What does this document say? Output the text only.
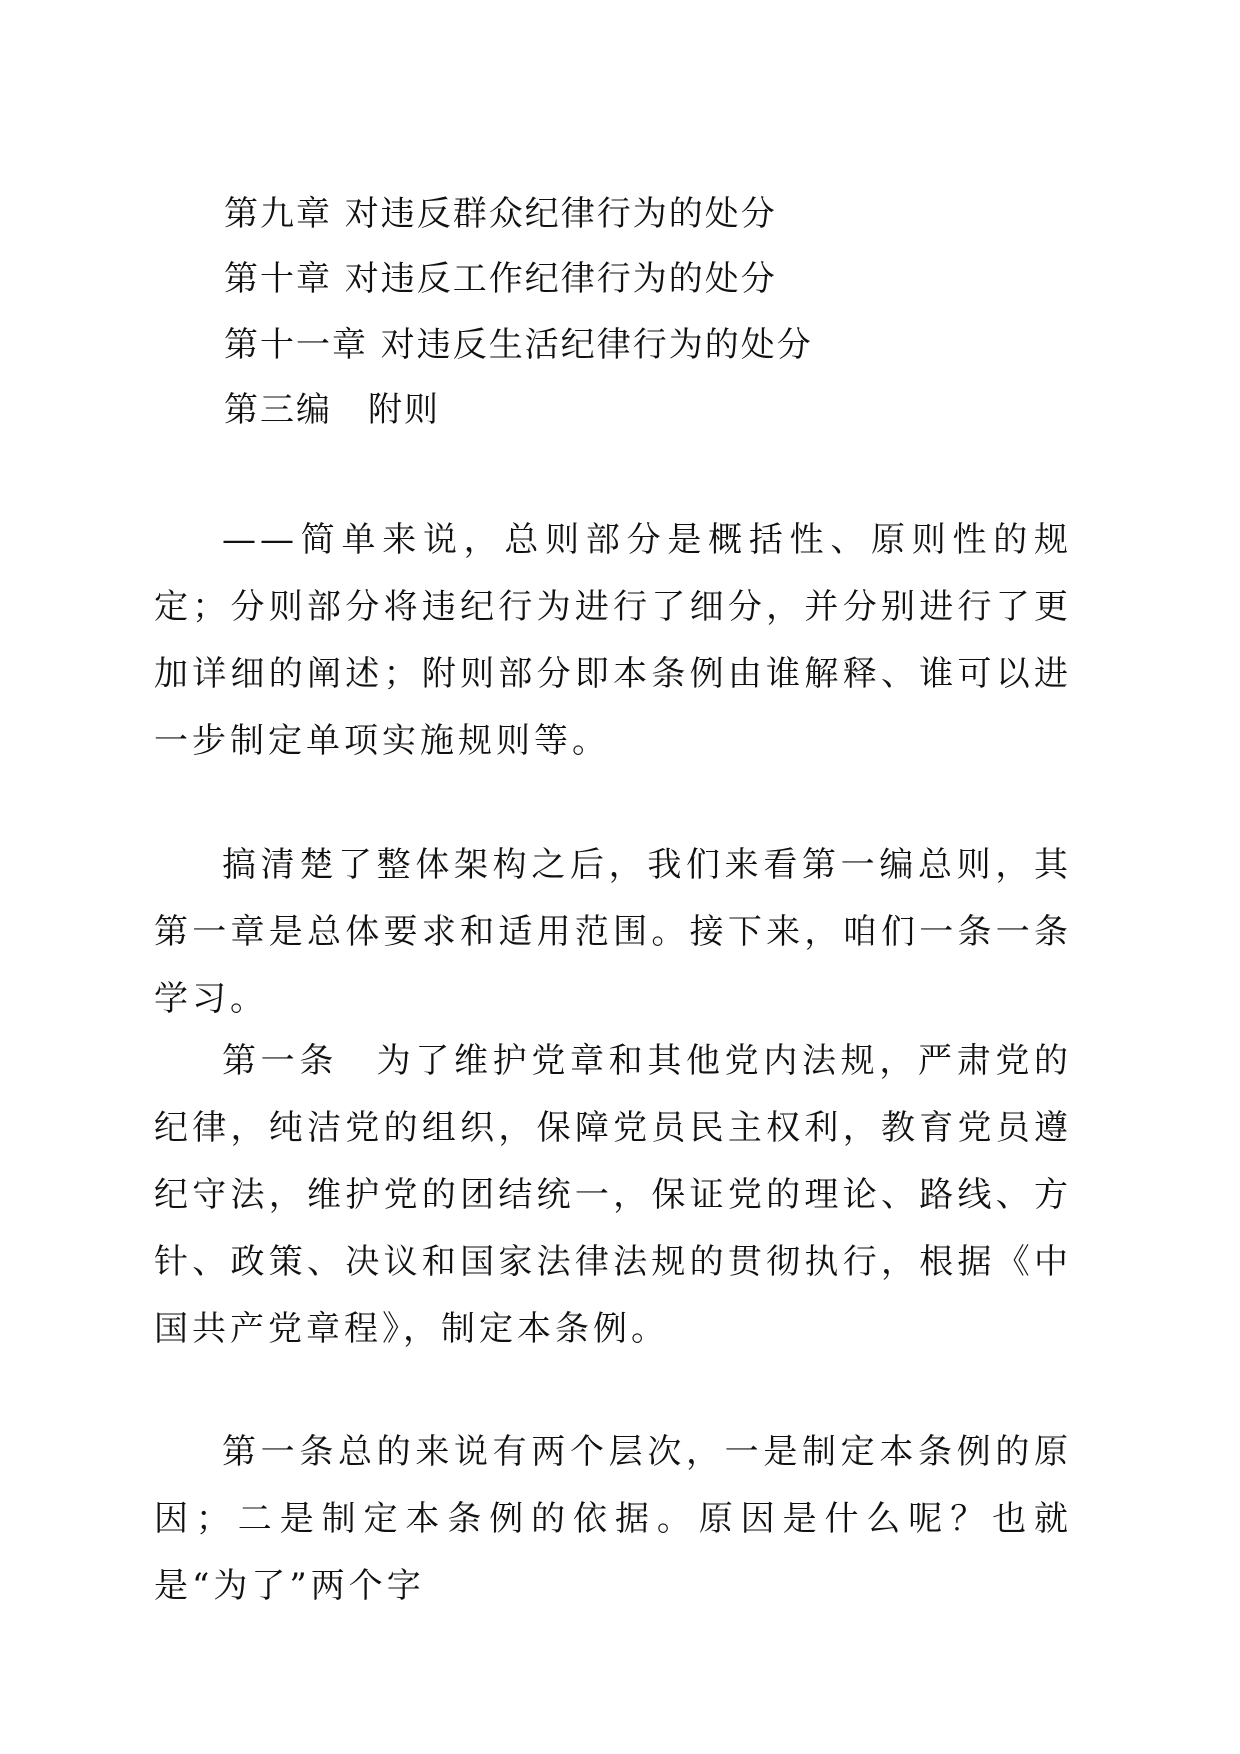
第九章 对违反群众纪律行为的处分
第十章 对违反工作纪律行为的处分
第十一章 对违反生活纪律行为的处分
第三编　附则

——简单来说，总则部分是概括性、原则性的规定；分则部分将违纪行为进行了细分，并分别进行了更加详细的阐述；附则部分即本条例由谁解释、谁可以进一步制定单项实施规则等。

搞清楚了整体架构之后，我们来看第一编总则，其第一章是总体要求和适用范围。接下来，咱们一条一条学习。

第一条　为了维护党章和其他党内法规，严肃党的纪律，纯洁党的组织，保障党员民主权利，教育党员遵纪守法，维护党的团结统一，保证党的理论、路线、方针、政策、决议和国家法律法规的贯彻执行，根据《中国共产党章程》，制定本条例。

第一条总的来说有两个层次，一是制定本条例的原因；二是制定本条例的依据。原因是什么呢？也就是“为了”两个字
